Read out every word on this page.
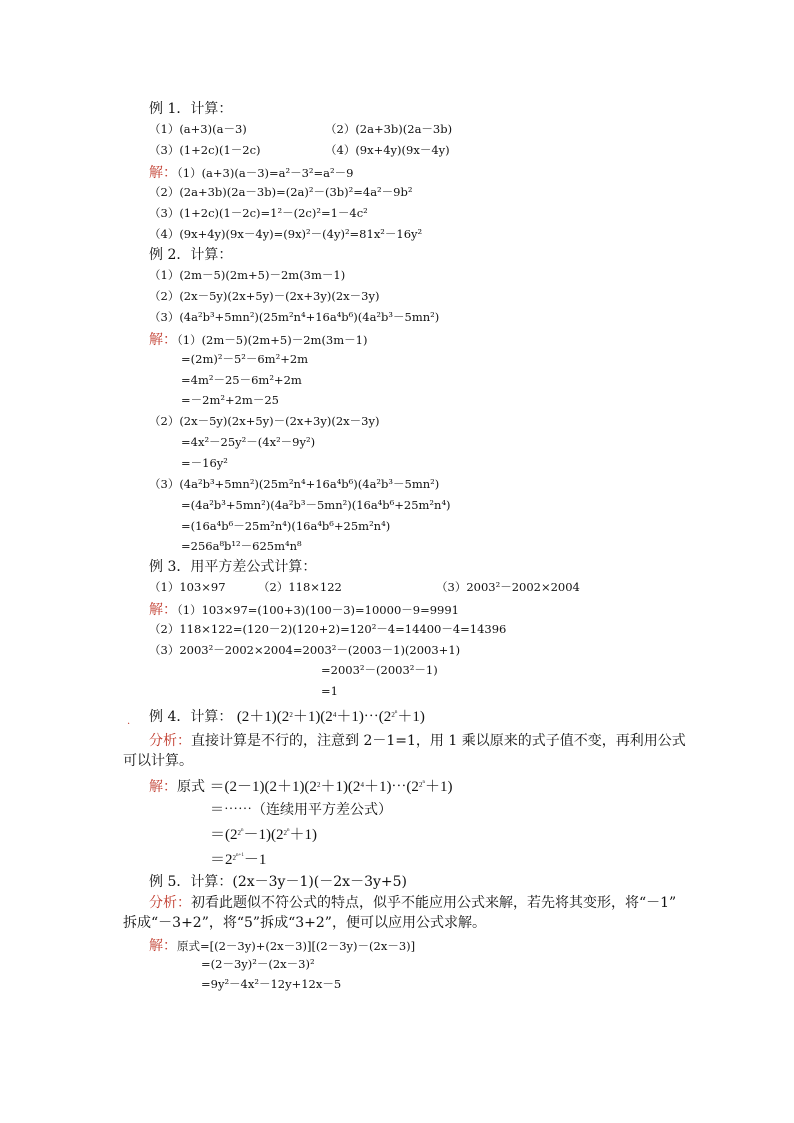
例 1．计算：
（1）(a+3)(a－3)	（2）(2a+3b)(2a－3b)
（3）(1+2c)(1－2c)	（4）(9x+4y)(9x－4y)
解：（1）(a+3)(a－3)=a²－3²=a²－9
（2）(2a+3b)(2a－3b)=(2a)²－(3b)²=4a²－9b²
（3）(1+2c)(1－2c)=1²－(2c)²=1－4c²
（4）(9x+4y)(9x－4y)=(9x)²－(4y)²=81x²－16y²
例 2．计算：
（1）(2m－5)(2m+5)－2m(3m－1)
（2）(2x－5y)(2x+5y)－(2x+3y)(2x－3y)
（3）(4a²b³+5mn²)(25m²n⁴+16a⁴b⁶)(4a²b³－5mn²)
解：（1）(2m－5)(2m+5)－2m(3m－1)
=(2m)²－5²－6m²+2m
=4m²－25－6m²+2m
=－2m²+2m－25
（2）(2x－5y)(2x+5y)－(2x+3y)(2x－3y)
=4x²－25y²－(4x²－9y²)
=－16y²
（3）(4a²b³+5mn²)(25m²n⁴+16a⁴b⁶)(4a²b³－5mn²)
=(4a²b³+5mn²)(4a²b³－5mn²)(16a⁴b⁶+25m²n⁴)
=(16a⁴b⁶－25m²n⁴)(16a⁴b⁶+25m²n⁴)
=256a⁸b¹²－625m⁴n⁸
例 3．用平方差公式计算：
（1）103×97	（2）118×122	（3）2003²－2002×2004
解：（1）103×97=(100+3)(100－3)=10000－9=9991
（2）118×122=(120－2)(120+2)=120²－4=14400－4=14396
（3）2003²－2002×2004=2003²－(2003－1)(2003+1)
=2003²－(2003²－1)
=1
. 例 4．计算： $(2+1)(2^2+1)(2^4+1)\cdots(2^{2^n}+1)$
分析：直接计算是不行的，注意到 2－1=1，用 1 乘以原来的式子值不变，再利用公式
可以计算。
解：原式 $=(2-1)(2+1)(2^2+1)(2^4+1)\cdots(2^{2^n}+1)$
＝⋯⋯（连续用平方差公式）
$=(2^{2^n}-1)(2^{2^n}+1)$
$=2^{2^{n+1}}-1$
例 5．计算：(2x－3y－1)(－2x－3y+5)
分析：初看此题似不符公式的特点，似乎不能应用公式来解，若先将其变形，将“－1”
拆成“－3+2”，将“5”拆成“3+2”，便可以应用公式求解。
解：原式=[(2－3y)+(2x－3)][(2－3y)－(2x－3)]
=(2－3y)²－(2x－3)²
=9y²－4x²－12y+12x－5
